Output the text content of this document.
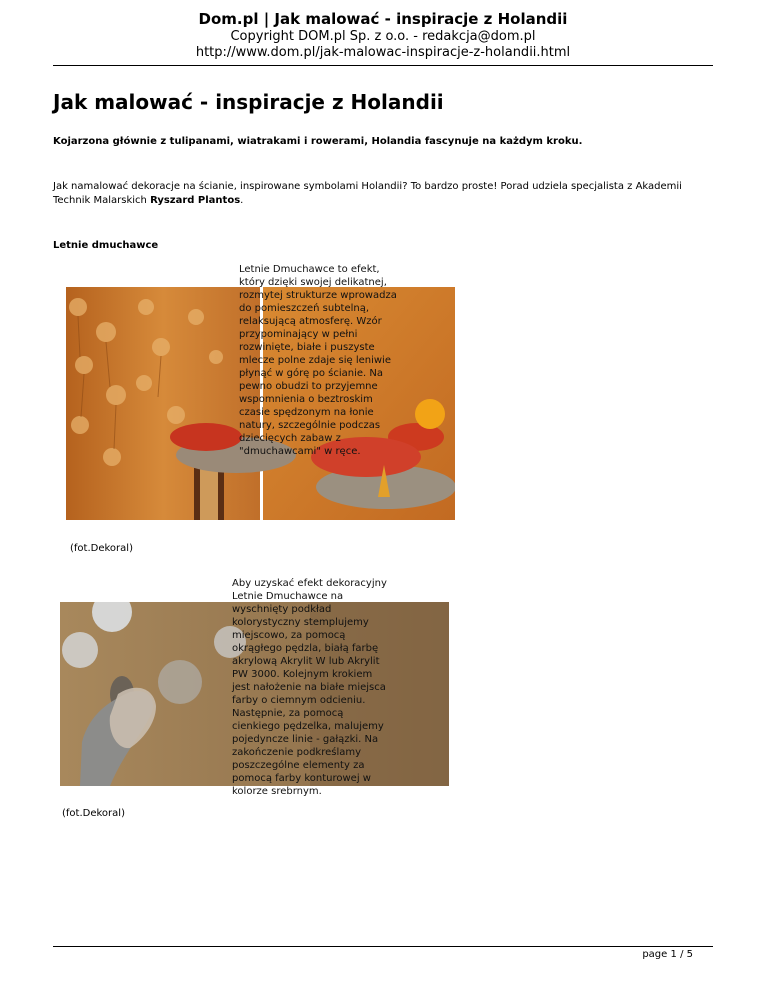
Dom.pl | Jak malować - inspiracje z Holandii
Copyright DOM.pl Sp. z o.o. - redakcja@dom.pl
http://www.dom.pl/jak-malowac-inspiracje-z-holandii.html
Jak malować - inspiracje z Holandii
Kojarzona głównie z tulipanami, wiatrakami i rowerami, Holandia fascynuje na każdym kroku.
Jak namalować dekoracje na ścianie, inspirowane symbolami Holandii? To bardzo proste! Porad udziela specjalista z Akademii Technik Malarskich Ryszard Plantos.
Letnie dmuchawce

Letnie Dmuchawce to efekt, który dzięki swojej delikatnej, rozmytej strukturze wprowadza do pomieszczeń subtelną, relaksującą atmosferę. Wzór przypominający w pełni rozwinięte, białe i puszyste mlecze polne zdaje się leniwie płynąć w górę po ścianie. Na pewno obudzi to przyjemne wspomnienia o beztroskim czasie spędzonym na łonie natury, szczególnie podczas dziecięcych zabaw z "dmuchawcami" w ręce.

(fot.Dekoral)

Aby uzyskać efekt dekoracyjny Letnie Dmuchawce na wyschnięty podkład kolorystyczny stemplujemy miejscowo, za pomocą okrągłego pędzla, białą farbę akrylową Akrylit W lub Akrylit PW 3000. Kolejnym krokiem jest nałożenie na białe miejsca farby o ciemnym odcieniu. Następnie, za pomocą cienkiego pędzelka, malujemy pojedyncze linie - gałązki. Na zakończenie podkreślamy poszczególne elementy za pomocą farby konturowej w kolorze srebrnym.

(fot.Dekoral)
page 1 / 5
